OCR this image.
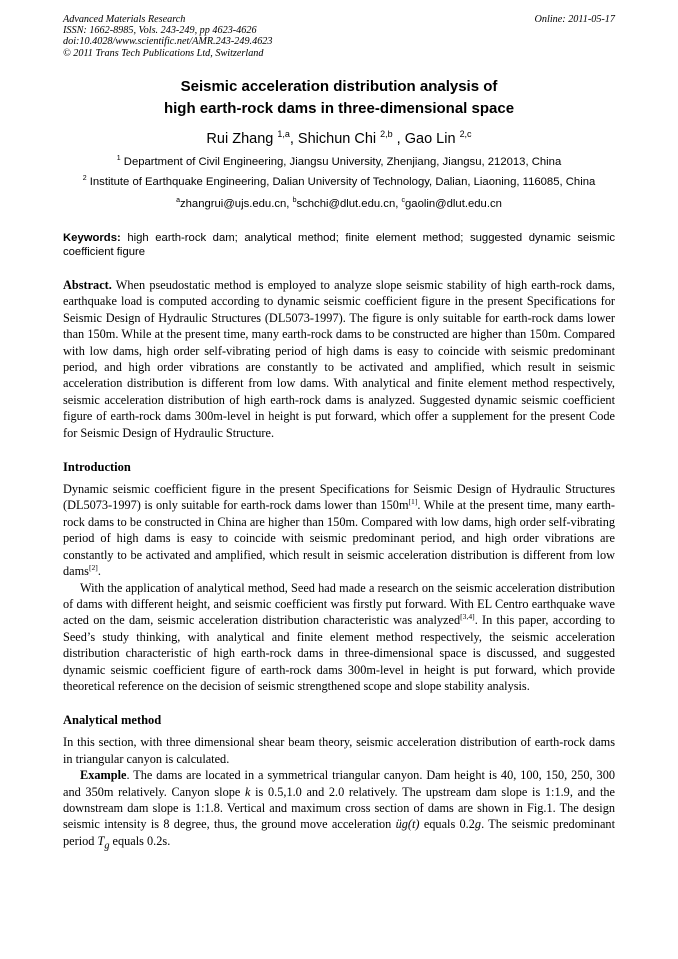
Advanced Materials Research
ISSN: 1662-8985, Vols. 243-249, pp 4623-4626
doi:10.4028/www.scientific.net/AMR.243-249.4623
© 2011 Trans Tech Publications Ltd, Switzerland
Online: 2011-05-17
Seismic acceleration distribution analysis of
high earth-rock dams in three-dimensional space
Rui Zhang $^{1,a}$, Shichun Chi $^{2,b}$ , Gao Lin $^{2,c}$
$^1$ Department of Civil Engineering, Jiangsu University, Zhenjiang, Jiangsu, 212013, China
$^2$ Institute of Earthquake Engineering, Dalian University of Technology, Dalian, Liaoning, 116085, China
$^a$zhangrui@ujs.edu.cn, $^b$schchi@dlut.edu.cn, $^c$gaolin@dlut.edu.cn
Keywords: high earth-rock dam; analytical method; finite element method; suggested dynamic seismic coefficient figure
Abstract. When pseudostatic method is employed to analyze slope seismic stability of high earth-rock dams, earthquake load is computed according to dynamic seismic coefficient figure in the present Specifications for Seismic Design of Hydraulic Structures (DL5073-1997). The figure is only suitable for earth-rock dams lower than 150m. While at the present time, many earth-rock dams to be constructed are higher than 150m. Compared with low dams, high order self-vibrating period of high dams is easy to coincide with seismic predominant period, and high order vibrations are constantly to be activated and amplified, which result in seismic acceleration distribution is different from low dams. With analytical and finite element method respectively, seismic acceleration distribution of high earth-rock dams is analyzed. Suggested dynamic seismic coefficient figure of earth-rock dams 300m-level in height is put forward, which offer a supplement for the present Code for Seismic Design of Hydraulic Structure.
Introduction
Dynamic seismic coefficient figure in the present Specifications for Seismic Design of Hydraulic Structures (DL5073-1997) is only suitable for earth-rock dams lower than 150m[1]. While at the present time, many earth-rock dams to be constructed in China are higher than 150m. Compared with low dams, high order self-vibrating period of high dams is easy to coincide with seismic predominant period, and high order vibrations are constantly to be activated and amplified, which result in seismic acceleration distribution is different from low dams[2].
With the application of analytical method, Seed had made a research on the seismic acceleration distribution of dams with different height, and seismic coefficient was firstly put forward. With EL Centro earthquake wave acted on the dam, seismic acceleration distribution characteristic was analyzed[3,4]. In this paper, according to Seed’s study thinking, with analytical and finite element method respectively, the seismic acceleration distribution characteristic of high earth-rock dams in three-dimensional space is discussed, and suggested dynamic seismic coefficient figure of earth-rock dams 300m-level in height is put forward, which provide theoretical reference on the decision of seismic strengthened scope and slope stability analysis.
Analytical method
In this section, with three dimensional shear beam theory, seismic acceleration distribution of earth-rock dams in triangular canyon is calculated.
Example. The dams are located in a symmetrical triangular canyon. Dam height is 40, 100, 150, 250, 300 and 350m relatively. Canyon slope k is 0.5,1.0 and 2.0 relatively. The upstream dam slope is 1:1.9, and the downstream dam slope is 1:1.8. Vertical and maximum cross section of dams are shown in Fig.1. The design seismic intensity is 8 degree, thus, the ground move acceleration üg(t) equals 0.2g. The seismic predominant period $T_g$ equals 0.2s.
